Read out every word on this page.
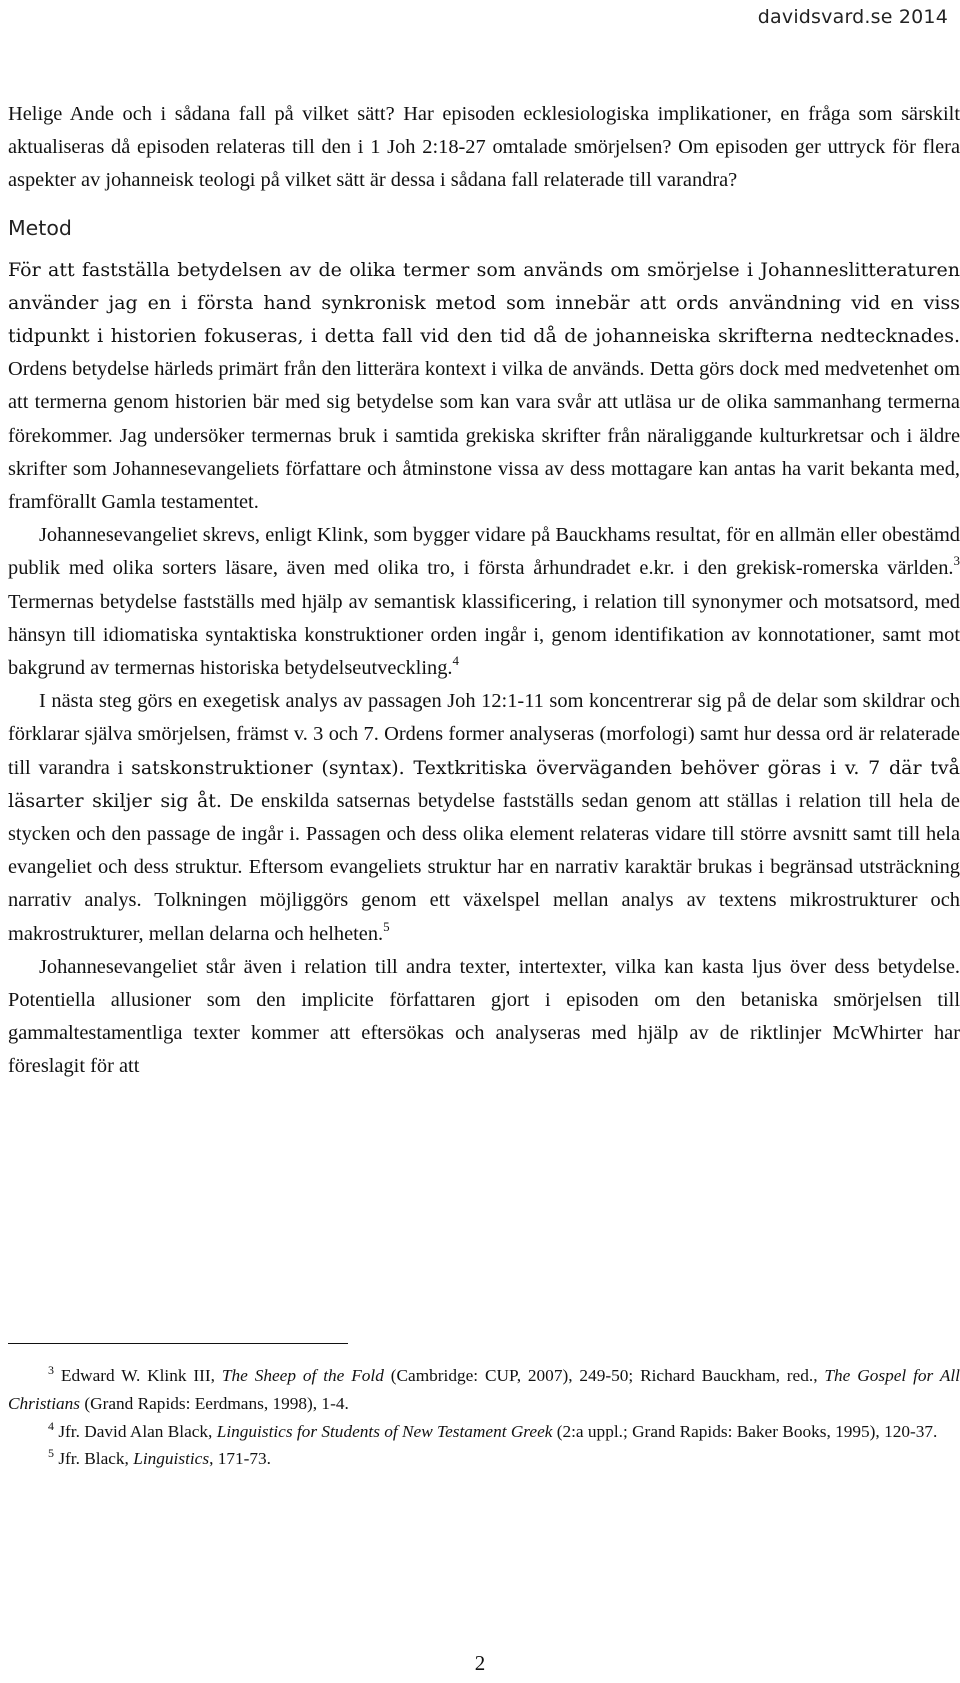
davidsvard.se 2014

Helige Ande och i sådana fall på vilket sätt? Har episoden ecklesiologiska implikationer, en fråga som särskilt aktualiseras då episoden relateras till den i 1 Joh 2:18-27 omtalade smörjelsen? Om episoden ger uttryck för flera aspekter av johanneisk teologi på vilket sätt är dessa i sådana fall relaterade till varandra?

Metod

För att fastställa betydelsen av de olika termer som används om smörjelse i Johanneslitteraturen använder jag en i första hand synkronisk metod som innebär att ords användning vid en viss tidpunkt i historien fokuseras, i detta fall vid den tid då de johanneiska skrifterna nedtecknades. Ordens betydelse härleds primärt från den litterära kontext i vilka de används. Detta görs dock med medvetenhet om att termerna genom historien bär med sig betydelse som kan vara svår att utläsa ur de olika sammanhang termerna förekommer. Jag undersöker termernas bruk i samtida grekiska skrifter från näraliggande kulturkretsar och i äldre skrifter som Johannesevangeliets författare och åtminstone vissa av dess mottagare kan antas ha varit bekanta med, framförallt Gamla testamentet.

Johannesevangeliet skrevs, enligt Klink, som bygger vidare på Bauckhams resultat, för en allmän eller obestämd publik med olika sorters läsare, även med olika tro, i första århundradet e.kr. i den grekisk-romerska världen.$^3$ Termernas betydelse fastställs med hjälp av semantisk klassificering, i relation till synonymer och motsatsord, med hänsyn till idiomatiska syntaktiska konstruktioner orden ingår i, genom identifikation av konnotationer, samt mot bakgrund av termernas historiska betydelseutveckling.$^4$

I nästa steg görs en exegetisk analys av passagen Joh 12:1-11 som koncentrerar sig på de delar som skildrar och förklarar själva smörjelsen, främst v. 3 och 7. Ordens former analyseras (morfologi) samt hur dessa ord är relaterade till varandra i satskonstruktioner (syntax). Textkritiska överväganden behöver göras i v. 7 där två läsarter skiljer sig åt. De enskilda satsernas betydelse fastställs sedan genom att ställas i relation till hela de stycken och den passage de ingår i. Passagen och dess olika element relateras vidare till större avsnitt samt till hela evangeliet och dess struktur. Eftersom evangeliets struktur har en narrativ karaktär brukas i begränsad utsträckning narrativ analys. Tolkningen möjliggörs genom ett växelspel mellan analys av textens mikrostrukturer och makrostrukturer, mellan delarna och helheten.$^5$

Johannesevangeliet står även i relation till andra texter, intertexter, vilka kan kasta ljus över dess betydelse. Potentiella allusioner som den implicite författaren gjort i episoden om den betaniska smörjelsen till gammaltestamentliga texter kommer att eftersökas och analyseras med hjälp av de riktlinjer McWhirter har föreslagit för att

$^3$ Edward W. Klink III, The Sheep of the Fold (Cambridge: CUP, 2007), 249-50; Richard Bauckham, red., The Gospel for All Christians (Grand Rapids: Eerdmans, 1998), 1-4.

$^4$ Jfr. David Alan Black, Linguistics for Students of New Testament Greek (2:a uppl.; Grand Rapids: Baker Books, 1995), 120-37.

$^5$ Jfr. Black, Linguistics, 171-73.

2
